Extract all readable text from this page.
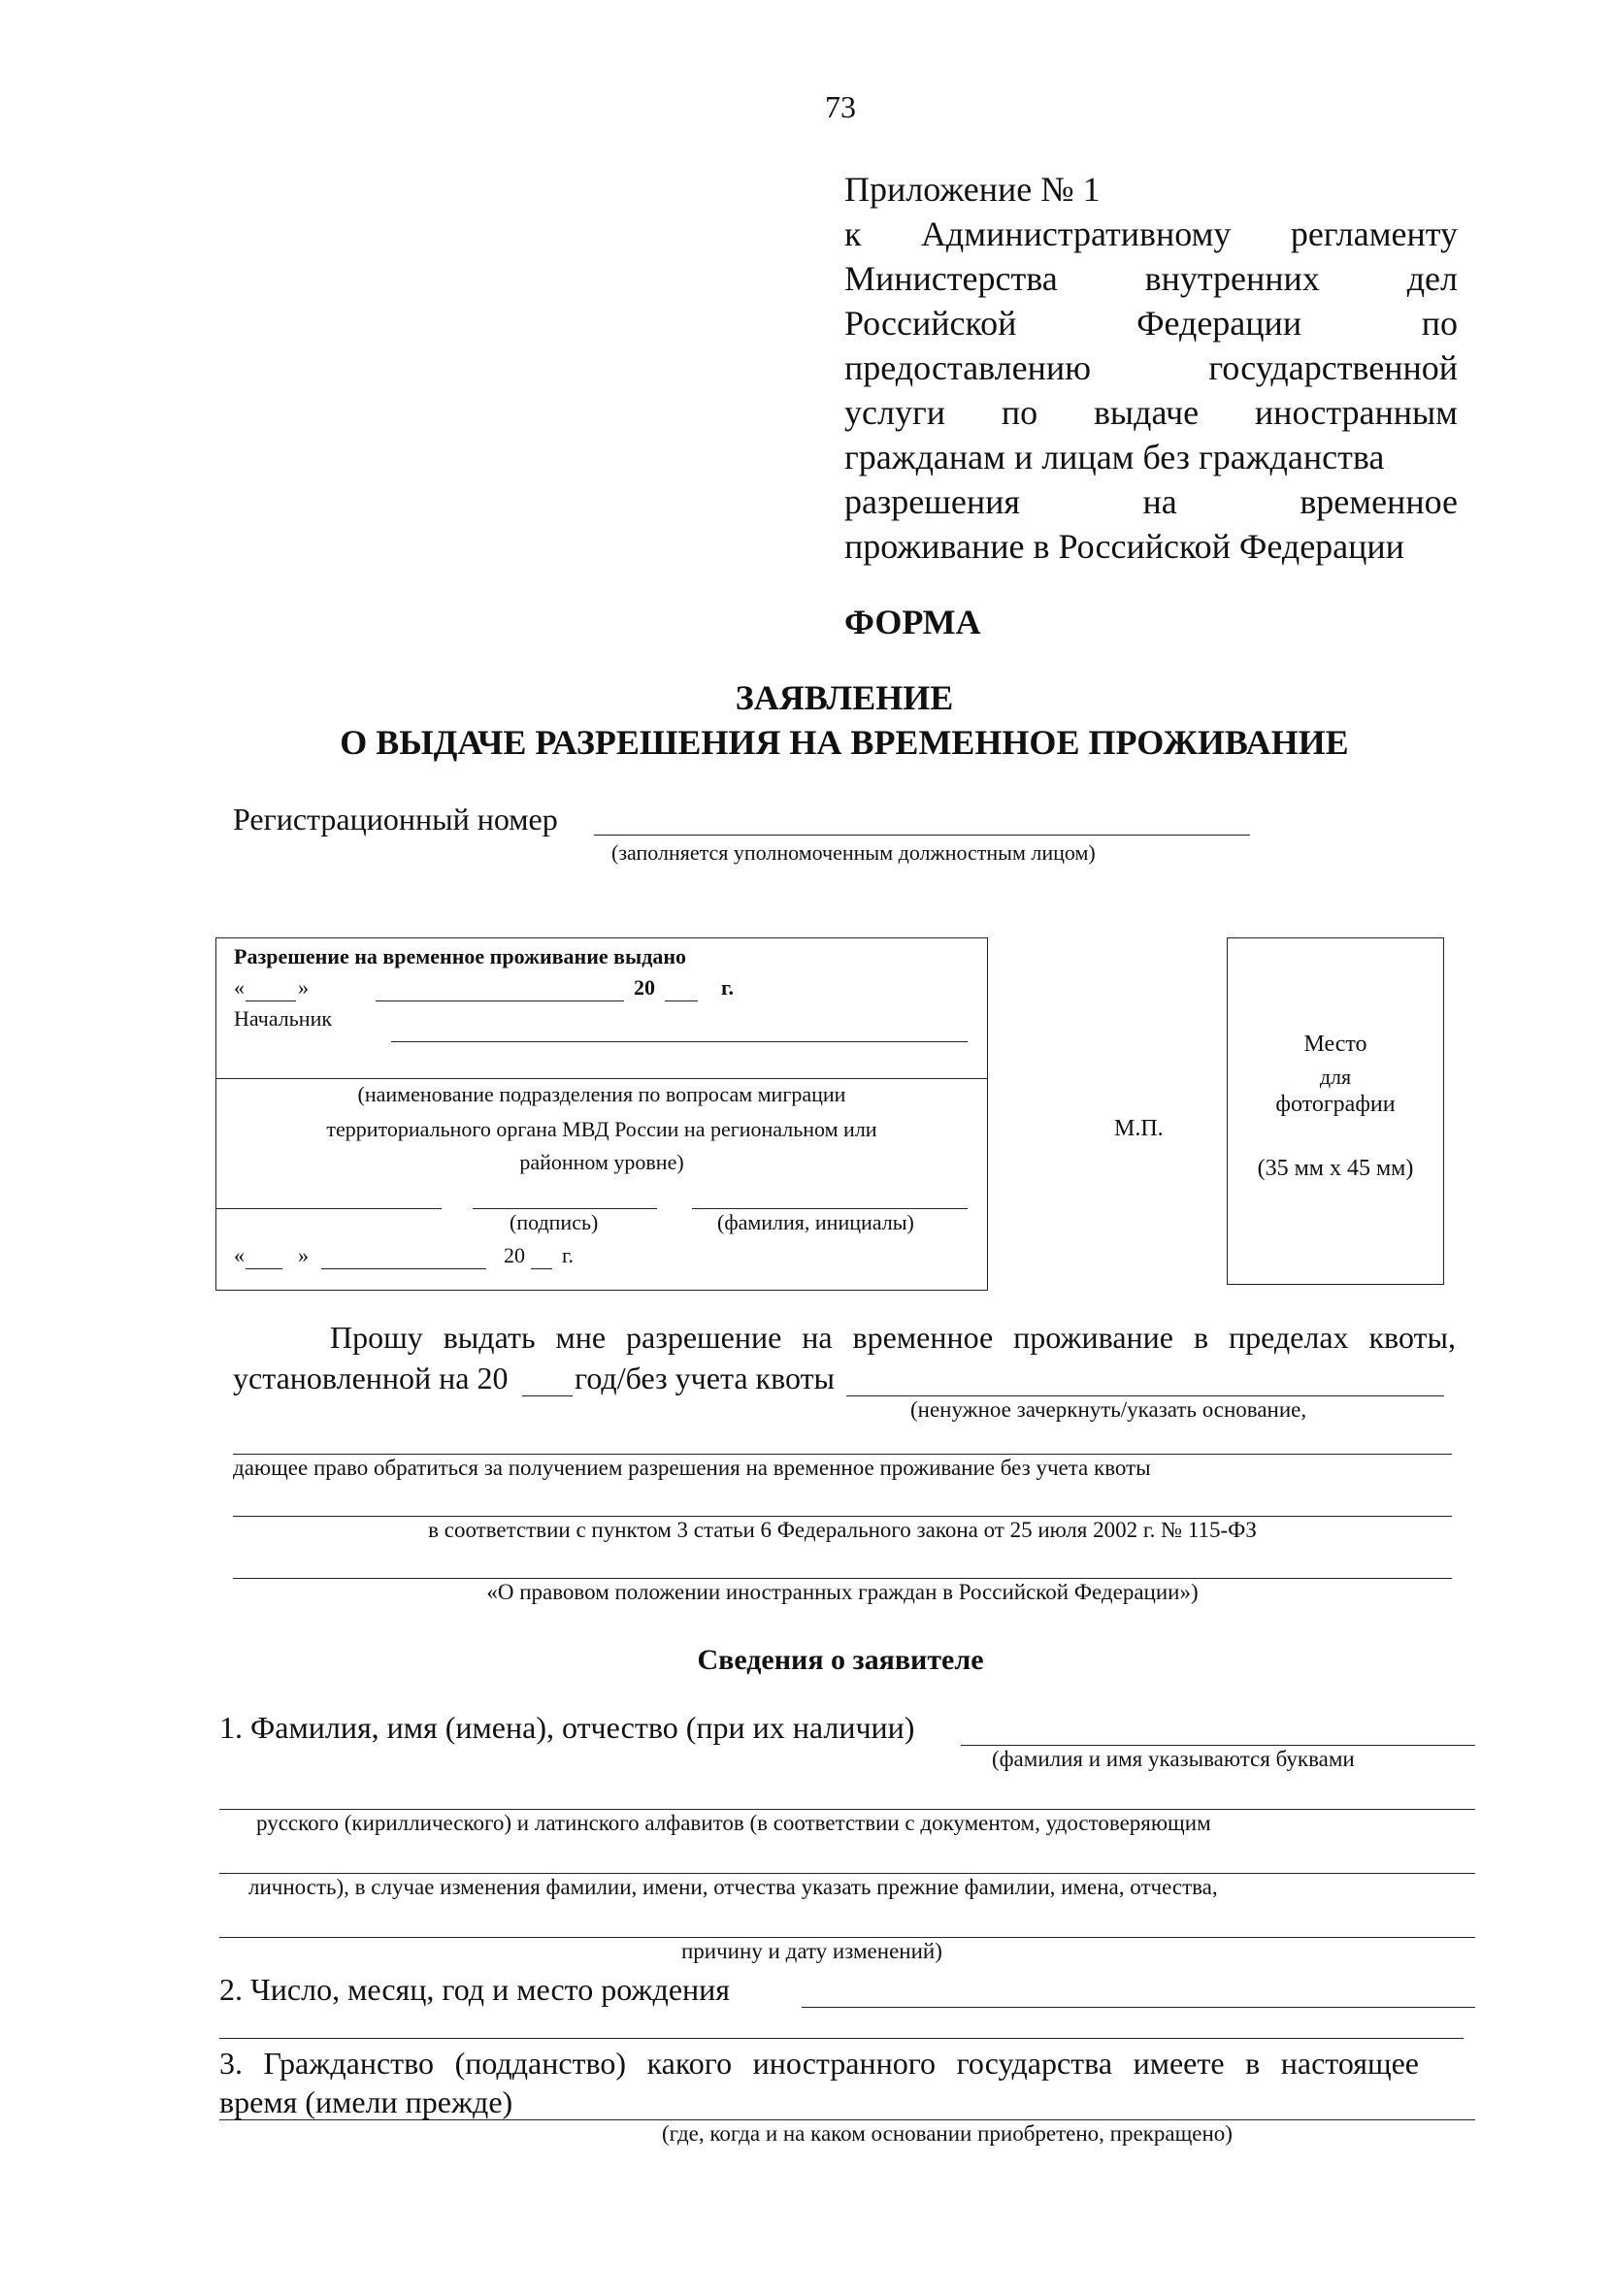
73
Приложение № 1
к Административному регламенту
Министерства внутренних дел
Российской	Федерации	по
предоставлению	государственной
услуги по выдаче иностранным
гражданам и лицам без гражданства
разрешения	на	временное
проживание в Российской Федерации
ФОРМА
ЗАЯВЛЕНИЕ
О ВЫДАЧЕ РАЗРЕШЕНИЯ НА ВРЕМЕННОЕ ПРОЖИВАНИЕ
Регистрационный номер
(заполняется уполномоченным должностным лицом)
Разрешение на временное проживание выдано
«	»	20	г.
Начальник
(наименование подразделения по вопросам миграции
территориального органа МВД России на региональном или
районном уровне)
(подпись)	(фамилия, инициалы)
«	»	20 г.
М.П.
Место
для
фотографии
(35 мм х 45 мм)
Прошу выдать мне разрешение на временное проживание в пределах квоты,
установленной на 20 год/без учета квоты
(ненужное зачеркнуть/указать основание,
дающее право обратиться за получением разрешения на временное проживание без учета квоты
в соответствии с пунктом 3 статьи 6 Федерального закона от 25 июля 2002 г. № 115-ФЗ
«О правовом положении иностранных граждан в Российской Федерации»)
Сведения о заявителе
1. Фамилия, имя (имена), отчество (при их наличии)
(фамилия и имя указываются буквами
русского (кириллического) и латинского алфавитов (в соответствии с документом, удостоверяющим
личность), в случае изменения фамилии, имени, отчества указать прежние фамилии, имена, отчества,
причину и дату изменений)
2. Число, месяц, год и место рождения
3. Гражданство (подданство) какого иностранного государства имеете в настоящее
время (имели прежде)
(где, когда и на каком основании приобретено, прекращено)
